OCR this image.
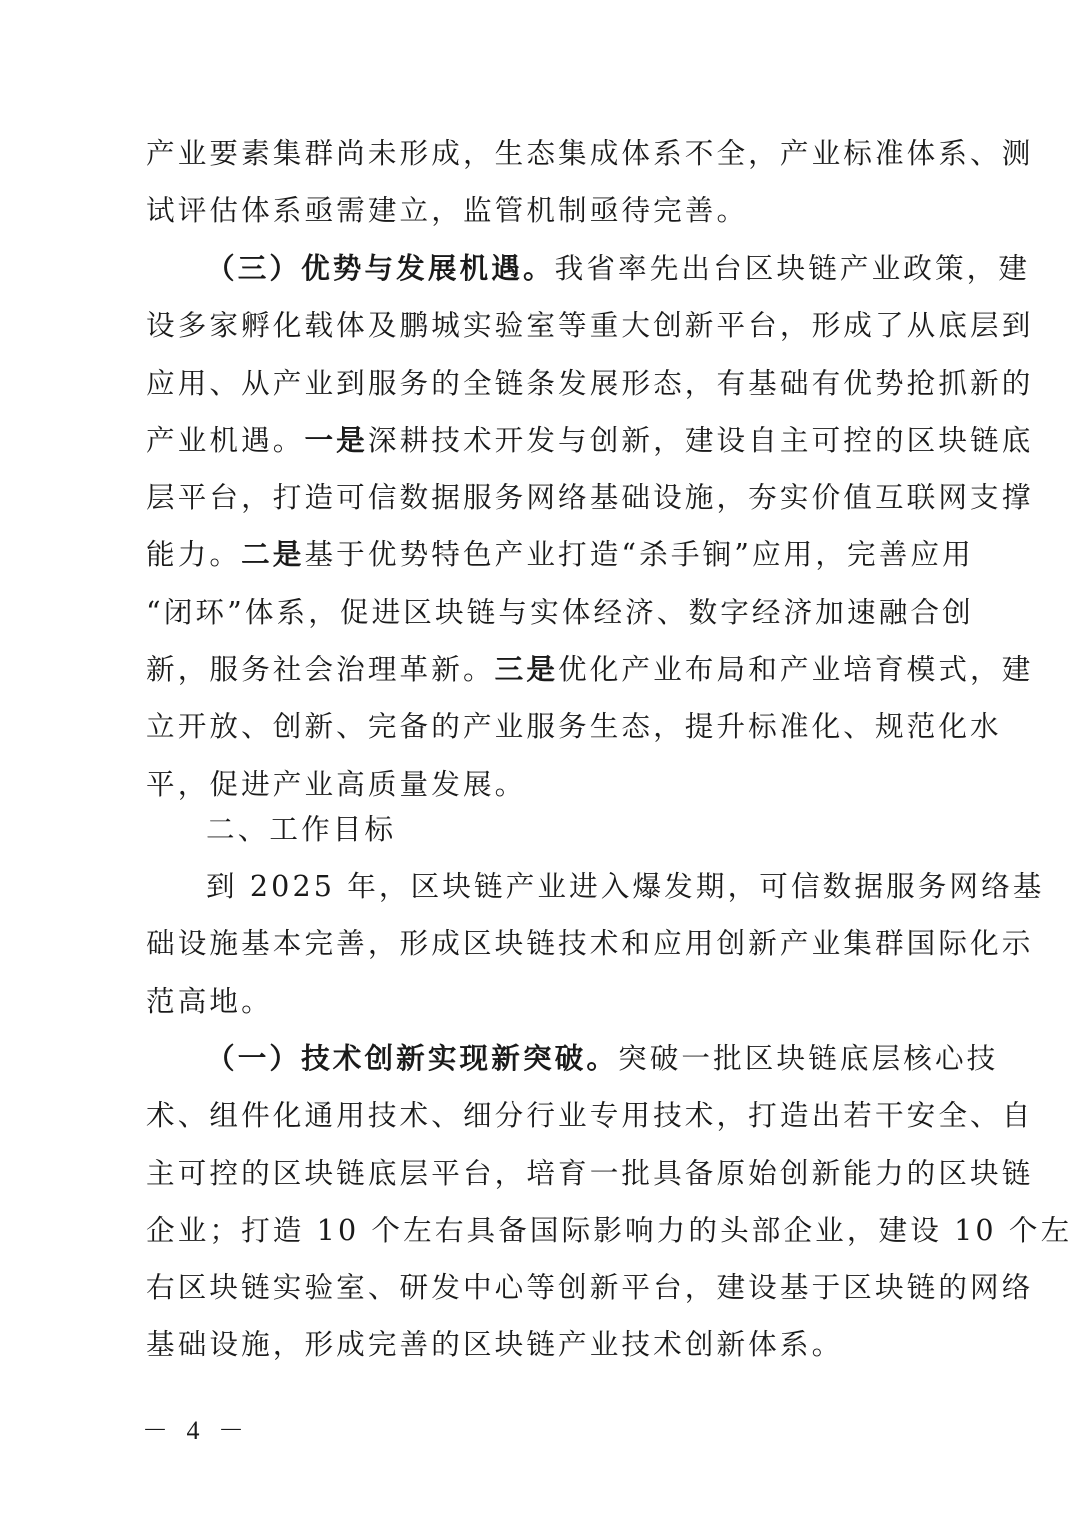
产业要素集群尚未形成，生态集成体系不全，产业标准体系、测
试评估体系亟需建立，监管机制亟待完善。
（三）优势与发展机遇。我省率先出台区块链产业政策，建
设多家孵化载体及鹏城实验室等重大创新平台，形成了从底层到
应用、从产业到服务的全链条发展形态，有基础有优势抢抓新的
产业机遇。一是深耕技术开发与创新，建设自主可控的区块链底
层平台，打造可信数据服务网络基础设施，夯实价值互联网支撑
能力。二是基于优势特色产业打造“杀手锏”应用，完善应用
“闭环”体系，促进区块链与实体经济、数字经济加速融合创
新，服务社会治理革新。三是优化产业布局和产业培育模式，建
立开放、创新、完备的产业服务生态，提升标准化、规范化水
平，促进产业高质量发展。
二、工作目标
到 2025 年，区块链产业进入爆发期，可信数据服务网络基
础设施基本完善，形成区块链技术和应用创新产业集群国际化示
范高地。
（一）技术创新实现新突破。突破一批区块链底层核心技
术、组件化通用技术、细分行业专用技术，打造出若干安全、自
主可控的区块链底层平台，培育一批具备原始创新能力的区块链
企业；打造 10 个左右具备国际影响力的头部企业，建设 10 个左
右区块链实验室、研发中心等创新平台，建设基于区块链的网络
基础设施，形成完善的区块链产业技术创新体系。
－ 4 －
